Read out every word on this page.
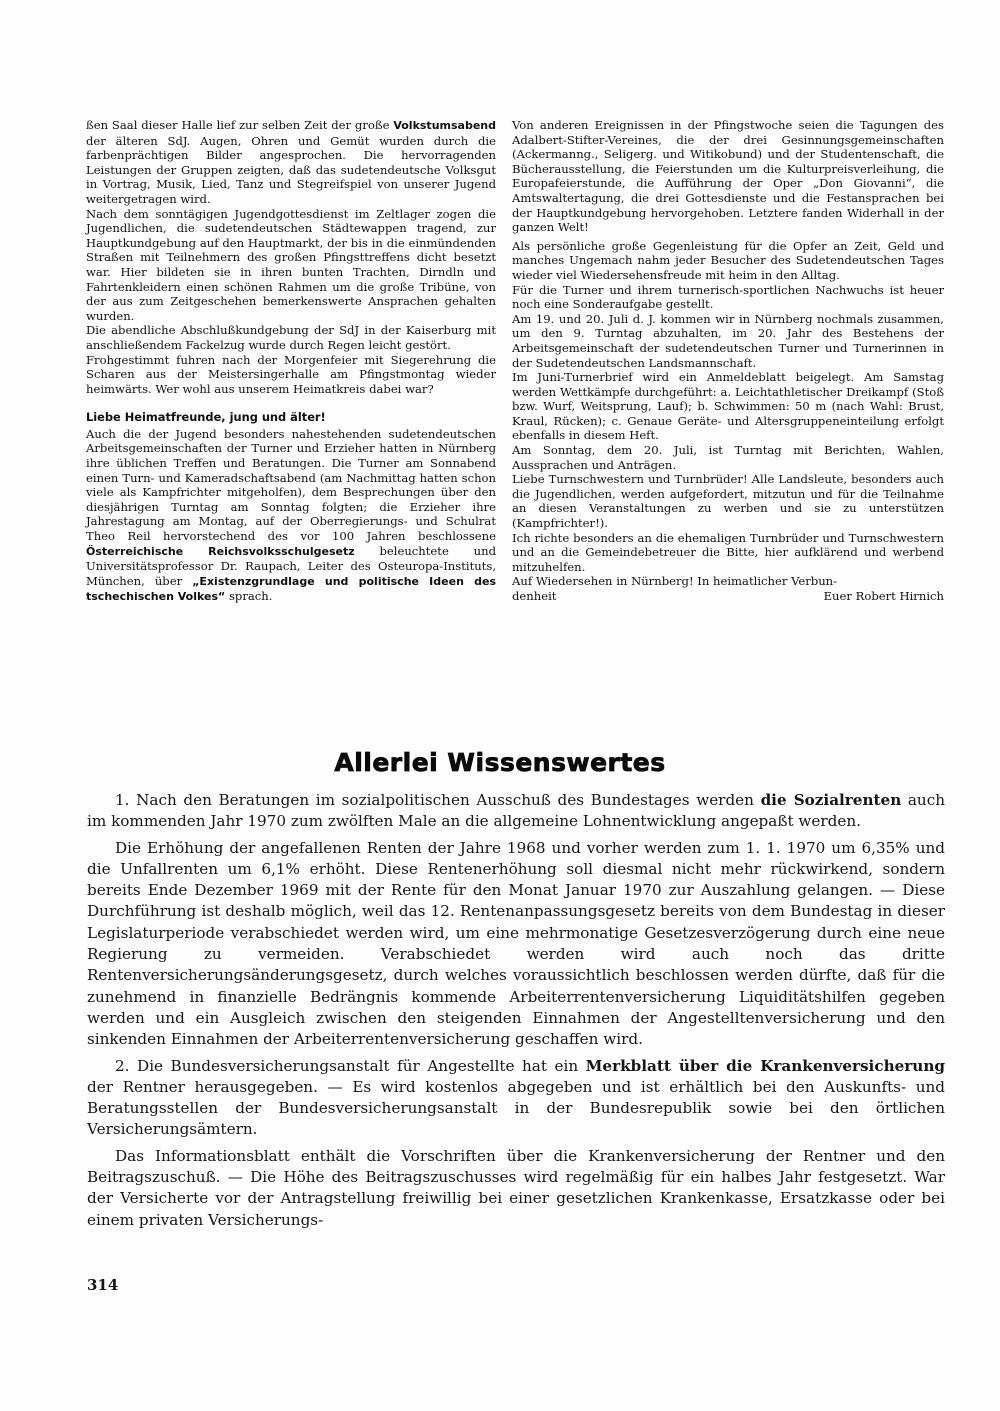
ßen Saal dieser Halle lief zur selben Zeit der große Volkstumsabend der älteren SdJ. Augen, Ohren und Gemüt wurden durch die farbenprächtigen Bilder angesprochen. Die hervorragenden Leistungen der Gruppen zeigten, daß das sudetendeutsche Volksgut in Vortrag, Musik, Lied, Tanz und Stegreifspiel von unserer Jugend weitergetragen wird.

Nach dem sonntägigen Jugendgottesdienst im Zeltlager zogen die Jugendlichen, die sudetendeutschen Städtewappen tragend, zur Hauptkundgebung auf den Hauptmarkt, der bis in die einmündenden Straßen mit Teilnehmern des großen Pfingsttreffens dicht besetzt war. Hier bildeten sie in ihren bunten Trachten, Dirndln und Fahrtenkleidern einen schönen Rahmen um die große Tribüne, von der aus zum Zeitgeschehen bemerkenswerte Ansprachen gehalten wurden.

Die abendliche Abschlußkundgebung der SdJ in der Kaiserburg mit anschließendem Fackelzug wurde durch Regen leicht gestört.

Frohgestimmt fuhren nach der Morgenfeier mit Siegerehrung die Scharen aus der Meistersingerhalle am Pfingstmontag wieder heimwärts. Wer wohl aus unserem Heimatkreis dabei war?

Liebe Heimatfreunde, jung und älter!

Auch die der Jugend besonders nahestehenden sudetendeutschen Arbeitsgemeinschaften der Turner und Erzieher hatten in Nürnberg ihre üblichen Treffen und Beratungen. Die Turner am Sonnabend einen Turn- und Kameradschaftsabend (am Nachmittag hatten schon viele als Kampfrichter mitgeholfen), dem Besprechungen über den diesjährigen Turntag am Sonntag folgten; die Erzieher ihre Jahrestagung am Montag, auf der Oberregierungs- und Schulrat Theo Reil hervorstechend des vor 100 Jahren beschlossene Österreichische Reichsvolksschulgesetz beleuchtete und Universitätsprofessor Dr. Raupach, Leiter des Osteuropa-Instituts, München, über „Existenzgrundlage und politische Ideen des tschechischen Volkes“ sprach.

Von anderen Ereignissen in der Pfingstwoche seien die Tagungen des Adalbert-Stifter-Vereines, die der drei Gesinnungsgemeinschaften (Ackermanng., Seligerg. und Witikobund) und der Studentenschaft, die Bücherausstellung, die Feierstunden um die Kulturpreisverleihung, die Europafeierstunde, die Aufführung der Oper „Don Giovanni“, die Amtswaltertagung, die drei Gottesdienste und die Festansprachen bei der Hauptkundgebung hervorgehoben. Letztere fanden Widerhall in der ganzen Welt!

Als persönliche große Gegenleistung für die Opfer an Zeit, Geld und manches Ungemach nahm jeder Besucher des Sudetendeutschen Tages wieder viel Wiedersehensfreude mit heim in den Alltag.

Für die Turner und ihrem turnerisch-sportlichen Nachwuchs ist heuer noch eine Sonderaufgabe gestellt.

Am 19. und 20. Juli d. J. kommen wir in Nürnberg nochmals zusammen, um den 9. Turntag abzuhalten, im 20. Jahr des Bestehens der Arbeitsgemeinschaft der sudetendeutschen Turner und Turnerinnen in der Sudetendeutschen Landsmannschaft.

Im Juni-Turnerbrief wird ein Anmeldeblatt beigelegt. Am Samstag werden Wettkämpfe durchgeführt: a. Leichtathletischer Dreikampf (Stoß bzw. Wurf, Weitsprung, Lauf); b. Schwimmen: 50 m (nach Wahl: Brust, Kraul, Rücken); c. Genaue Geräte- und Altersgruppeneinteilung erfolgt ebenfalls in diesem Heft.

Am Sonntag, dem 20. Juli, ist Turntag mit Berichten, Wahlen, Aussprachen und Anträgen.

Liebe Turnschwestern und Turnbrüder! Alle Landsleute, besonders auch die Jugendlichen, werden aufgefordert, mitzutun und für die Teilnahme an diesen Veranstaltungen zu werben und sie zu unterstützen (Kampfrichter!).

Ich richte besonders an die ehemaligen Turnbrüder und Turnschwestern und an die Gemeindebetreuer die Bitte, hier aufklärend und werbend mitzuhelfen.

Auf Wiedersehen in Nürnberg! In heimatlicher Verbun-

denheit	Euer Robert Hirnich

Allerlei Wissenswertes

1. Nach den Beratungen im sozialpolitischen Ausschuß des Bundestages werden die Sozialrenten auch im kommenden Jahr 1970 zum zwölften Male an die allgemeine Lohnentwicklung angepaßt werden.

Die Erhöhung der angefallenen Renten der Jahre 1968 und vorher werden zum 1. 1. 1970 um 6,35% und die Unfallrenten um 6,1% erhöht. Diese Rentenerhöhung soll diesmal nicht mehr rückwirkend, sondern bereits Ende Dezember 1969 mit der Rente für den Monat Januar 1970 zur Auszahlung gelangen. — Diese Durchführung ist deshalb möglich, weil das 12. Rentenanpassungsgesetz bereits von dem Bundestag in dieser Legislaturperiode verabschiedet werden wird, um eine mehrmonatige Gesetzesverzögerung durch eine neue Regierung zu vermeiden. Verabschiedet werden wird auch noch das dritte Rentenversicherungsänderungsgesetz, durch welches voraussichtlich beschlossen werden dürfte, daß für die zunehmend in finanzielle Bedrängnis kommende Arbeiterrentenversicherung Liquiditätshilfen gegeben werden und ein Ausgleich zwischen den steigenden Einnahmen der Angestelltenversicherung und den sinkenden Einnahmen der Arbeiterrentenversicherung geschaffen wird.

2. Die Bundesversicherungsanstalt für Angestellte hat ein Merkblatt über die Krankenversicherung der Rentner herausgegeben. — Es wird kostenlos abgegeben und ist erhältlich bei den Auskunfts- und Beratungsstellen der Bundesversicherungsanstalt in der Bundesrepublik sowie bei den örtlichen Versicherungsämtern.

Das Informationsblatt enthält die Vorschriften über die Krankenversicherung der Rentner und den Beitragszuschuß. — Die Höhe des Beitragszuschusses wird regelmäßig für ein halbes Jahr festgesetzt. War der Versicherte vor der Antragstellung freiwillig bei einer gesetzlichen Krankenkasse, Ersatzkasse oder bei einem privaten Versicherungs-

314
